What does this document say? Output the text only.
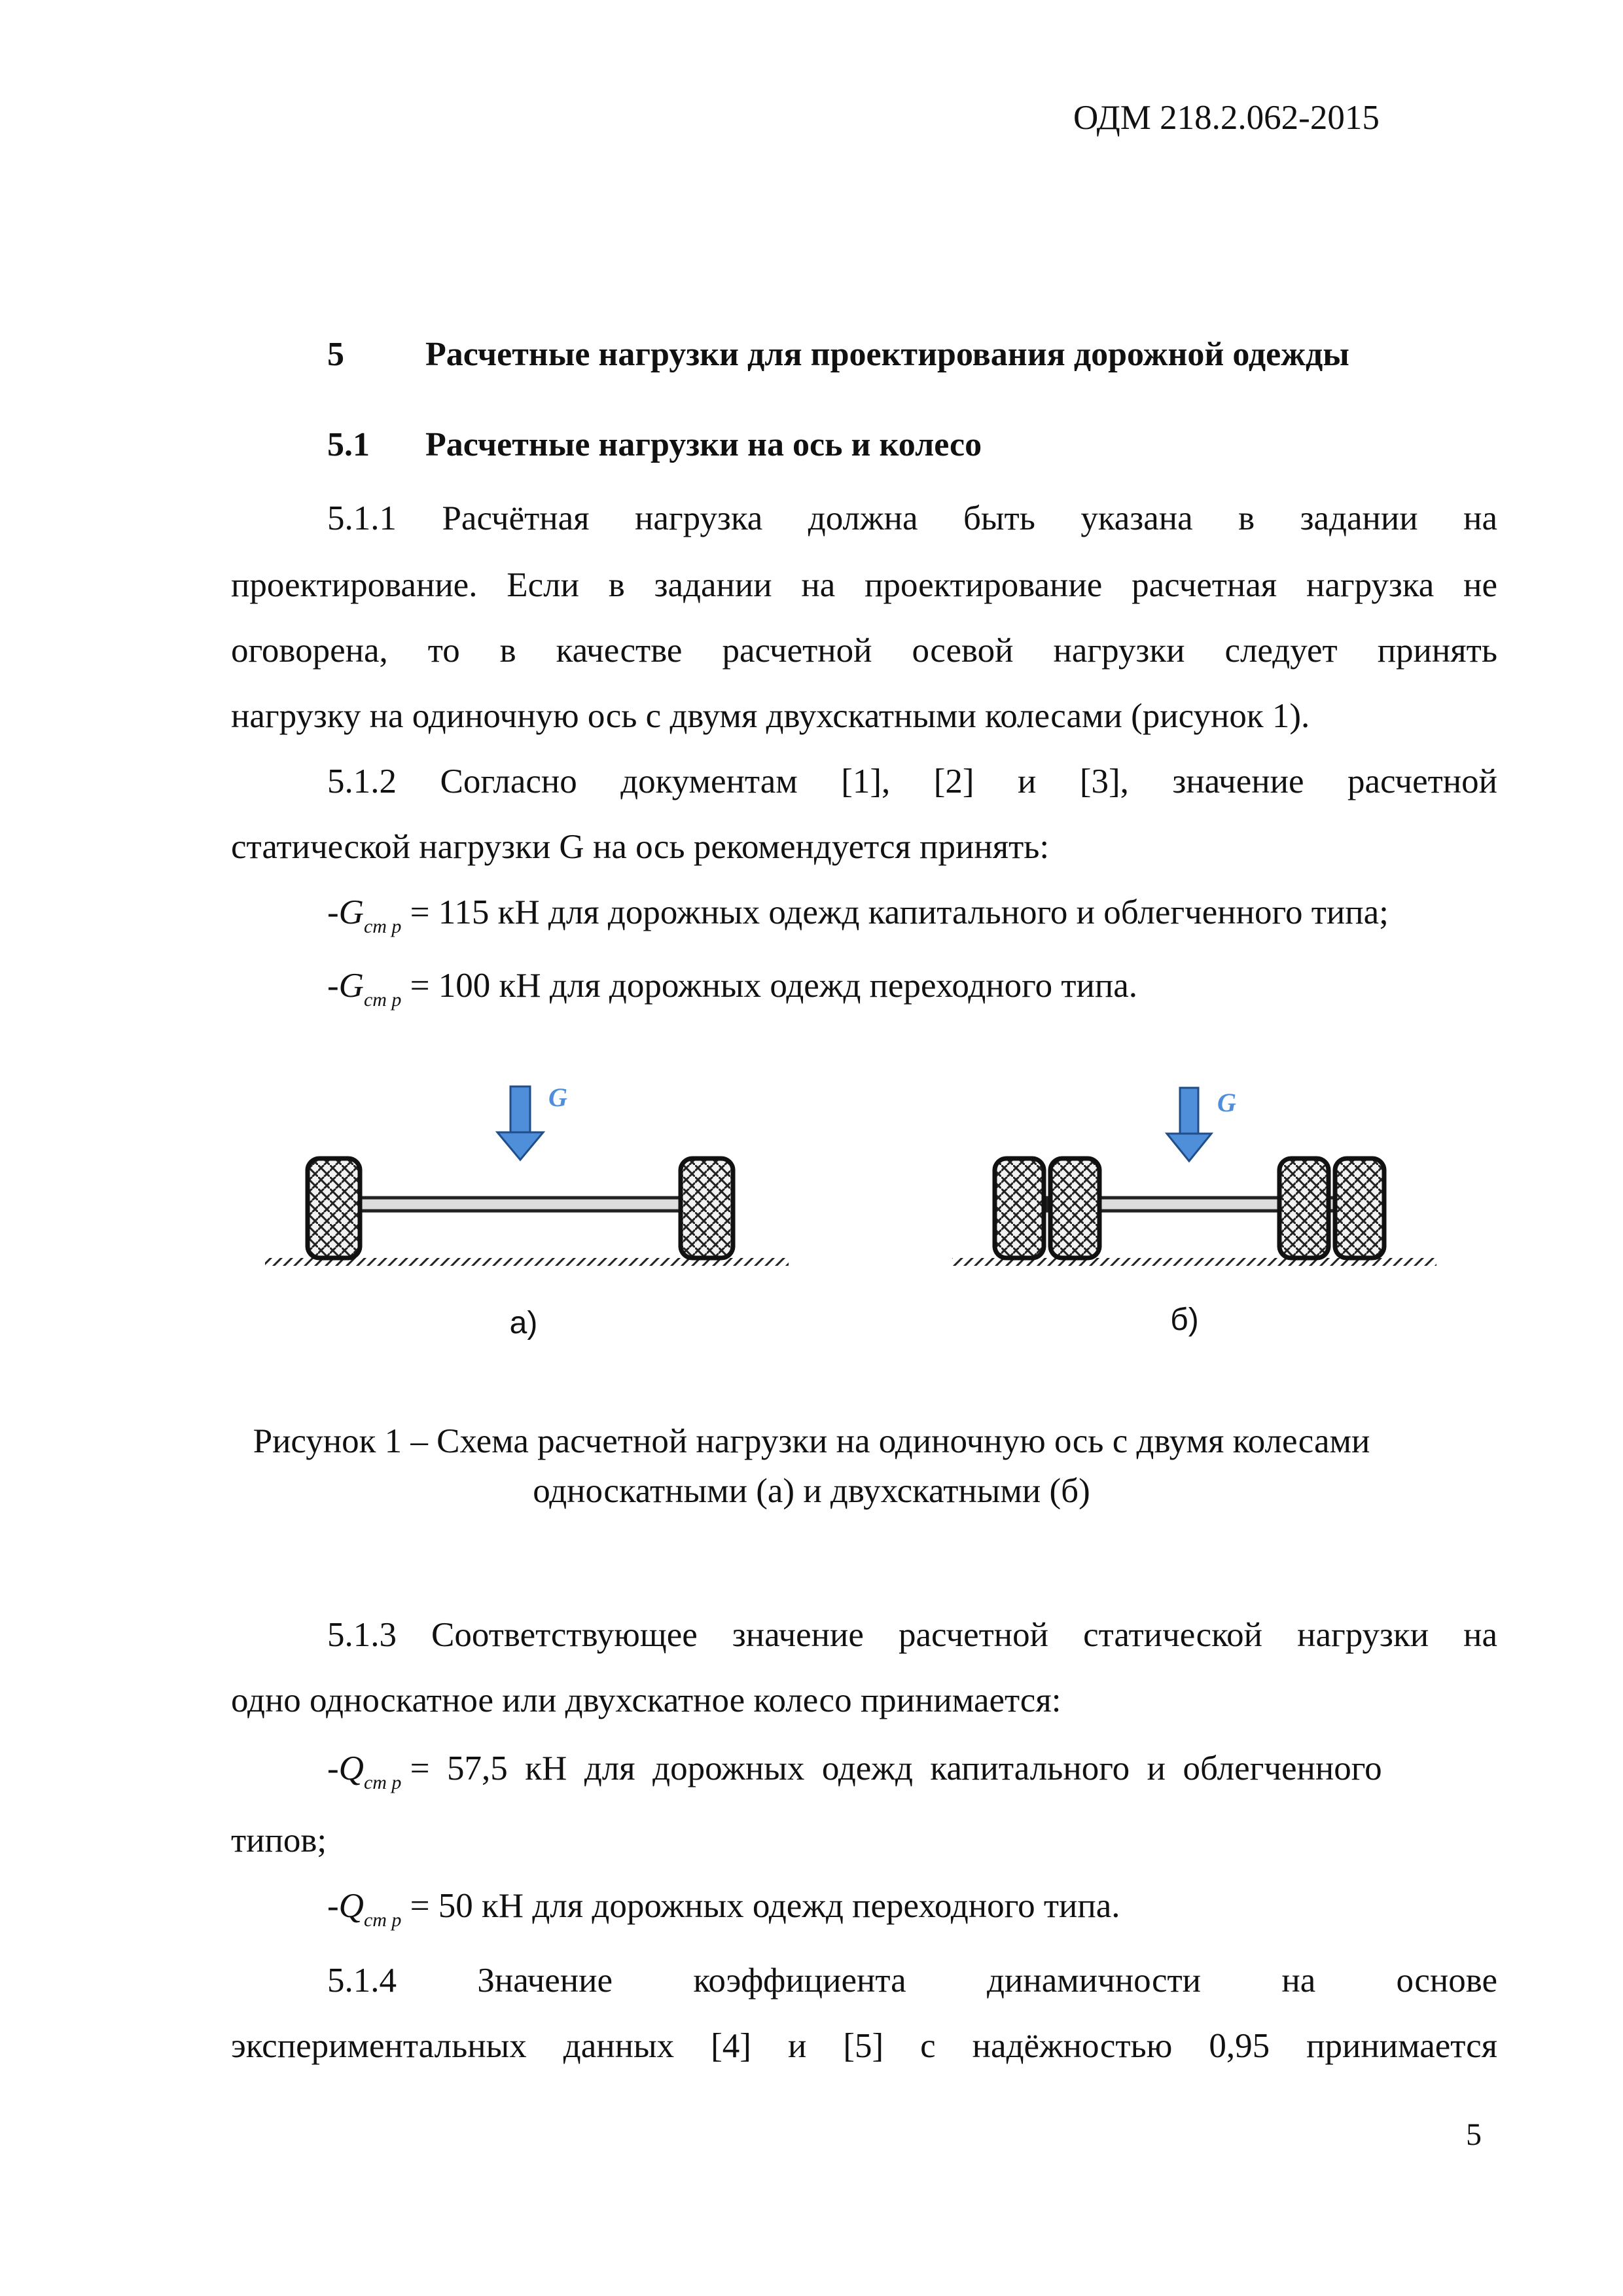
ОДМ 218.2.062-2015
5 Расчетные нагрузки для проектирования дорожной одежды
5.1 Расчетные нагрузки на ось и колесо
5.1.1 Расчётная нагрузка должна быть указана в задании на
проектирование. Если в задании на проектирование расчетная нагрузка не
оговорена, то в качестве расчетной осевой нагрузки следует принять
нагрузку на одиночную ось с двумя двухскатными колесами (рисунок 1).
5.1.2 Согласно документам [1], [2] и [3], значение расчетной
статической нагрузки G на ось рекомендуется принять:
$-G_{ст р} = 115$ кН для дорожных одежд капитального и облегченного типа;
$-G_{ст р} = 100$ кН для дорожных одежд переходного типа.
G	G
а)	б)
Рисунок 1 – Схема расчетной нагрузки на одиночную ось с двумя колесами
односкатными (а) и двухскатными (б)
5.1.3 Соответствующее значение расчетной статической нагрузки на
одно односкатное или двухскатное колесо принимается:
$-Q_{ст р} = 57,5$  кН  для  дорожных  одежд  капитального  и  облегченного
типов;
$-Q_{ст р} = 50$ кН для дорожных одежд переходного типа.
5.1.4 Значение коэффициента динамичности на основе
экспериментальных данных [4] и [5] с надёжностью 0,95 принимается
5
